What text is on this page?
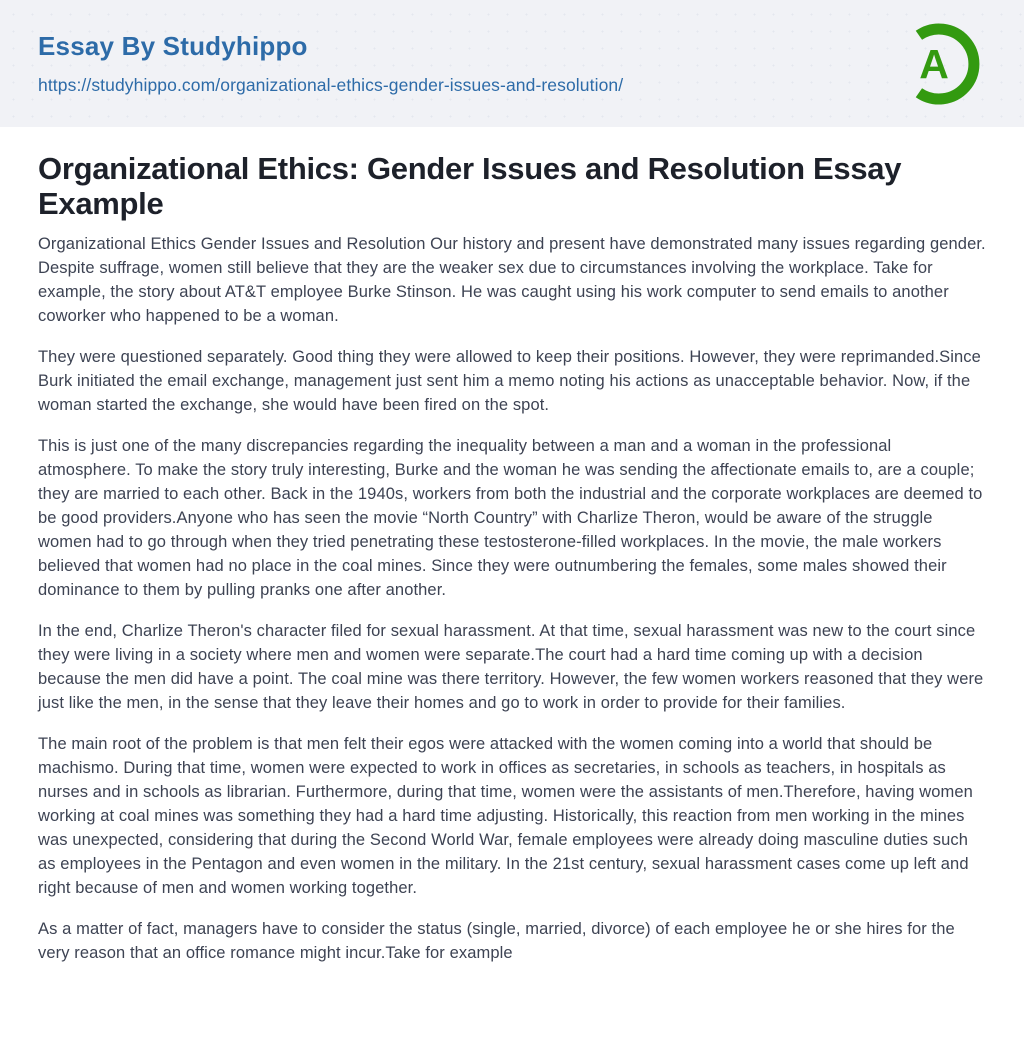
Essay By Studyhippo
https://studyhippo.com/organizational-ethics-gender-issues-and-resolution/	A
Organizational Ethics: Gender Issues and Resolution Essay Example

Organizational Ethics Gender Issues and Resolution Our history and present have demonstrated many issues regarding gender. Despite suffrage, women still believe that they are the weaker sex due to circumstances involving the workplace. Take for example, the story about AT&T employee Burke Stinson. He was caught using his work computer to send emails to another coworker who happened to be a woman.

They were questioned separately. Good thing they were allowed to keep their positions. However, they were reprimanded.Since Burk initiated the email exchange, management just sent him a memo noting his actions as unacceptable behavior. Now, if the woman started the exchange, she would have been fired on the spot.

This is just one of the many discrepancies regarding the inequality between a man and a woman in the professional atmosphere. To make the story truly interesting, Burke and the woman he was sending the affectionate emails to, are a couple; they are married to each other. Back in the 1940s, workers from both the industrial and the corporate workplaces are deemed to be good providers.Anyone who has seen the movie “North Country” with Charlize Theron, would be aware of the struggle women had to go through when they tried penetrating these testosterone-filled workplaces. In the movie, the male workers believed that women had no place in the coal mines. Since they were outnumbering the females, some males showed their dominance to them by pulling pranks one after another.

In the end, Charlize Theron's character filed for sexual harassment. At that time, sexual harassment was new to the court since they were living in a society where men and women were separate.The court had a hard time coming up with a decision because the men did have a point. The coal mine was there territory. However, the few women workers reasoned that they were just like the men, in the sense that they leave their homes and go to work in order to provide for their families.

The main root of the problem is that men felt their egos were attacked with the women coming into a world that should be machismo. During that time, women were expected to work in offices as secretaries, in schools as teachers, in hospitals as nurses and in schools as librarian. Furthermore, during that time, women were the assistants of men.Therefore, having women working at coal mines was something they had a hard time adjusting. Historically, this reaction from men working in the mines was unexpected, considering that during the Second World War, female employees were already doing masculine duties such as employees in the Pentagon and even women in the military. In the 21st century, sexual harassment cases come up left and right because of men and women working together.

As a matter of fact, managers have to consider the status (single, married, divorce) of each employee he or she hires for the very reason that an office romance might incur.Take for example
